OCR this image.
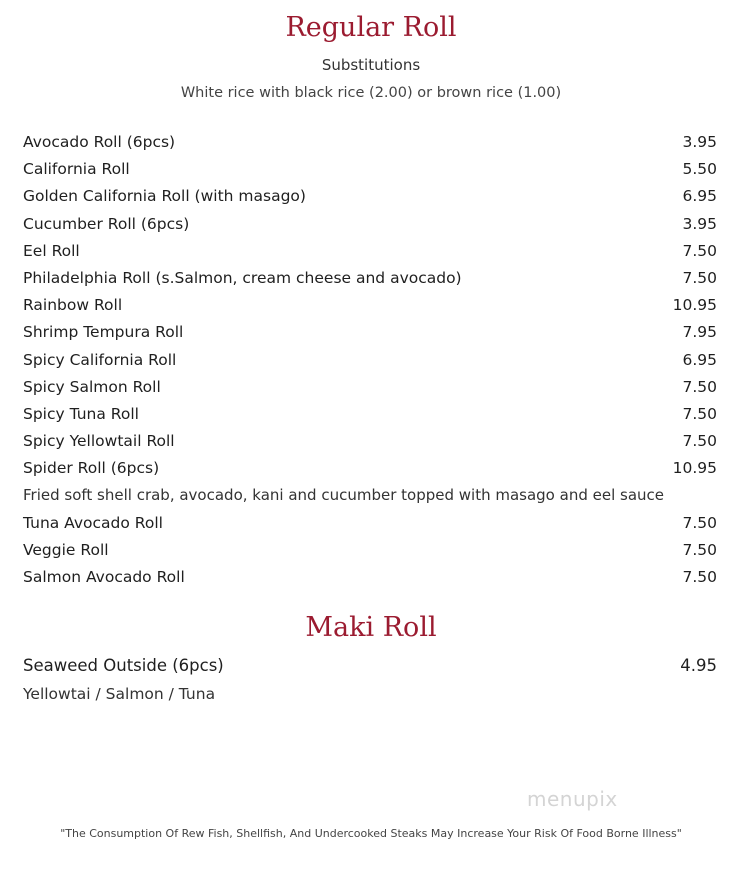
Regular Roll

Substitutions

White rice with black rice (2.00) or brown rice (1.00)

Avocado Roll (6pcs)	3.95
California Roll	5.50
Golden California Roll (with masago)	6.95
Cucumber Roll (6pcs)	3.95
Eel Roll	7.50
Philadelphia Roll (s.Salmon, cream cheese and avocado)	7.50
Rainbow Roll	10.95
Shrimp Tempura Roll	7.95
Spicy California Roll	6.95
Spicy Salmon Roll	7.50
Spicy Tuna Roll	7.50
Spicy Yellowtail Roll	7.50
Spider Roll (6pcs)	10.95
Fried soft shell crab, avocado, kani and cucumber topped with masago and eel sauce
Tuna Avocado Roll	7.50
Veggie Roll	7.50
Salmon Avocado Roll	7.50
Maki Roll
Seaweed Outside (6pcs)	4.95
Yellowtai / Salmon / Tuna
menupix
"The Consumption Of Rew Fish, Shellfish, And Undercooked Steaks May Increase Your Risk Of Food Borne Illness"
